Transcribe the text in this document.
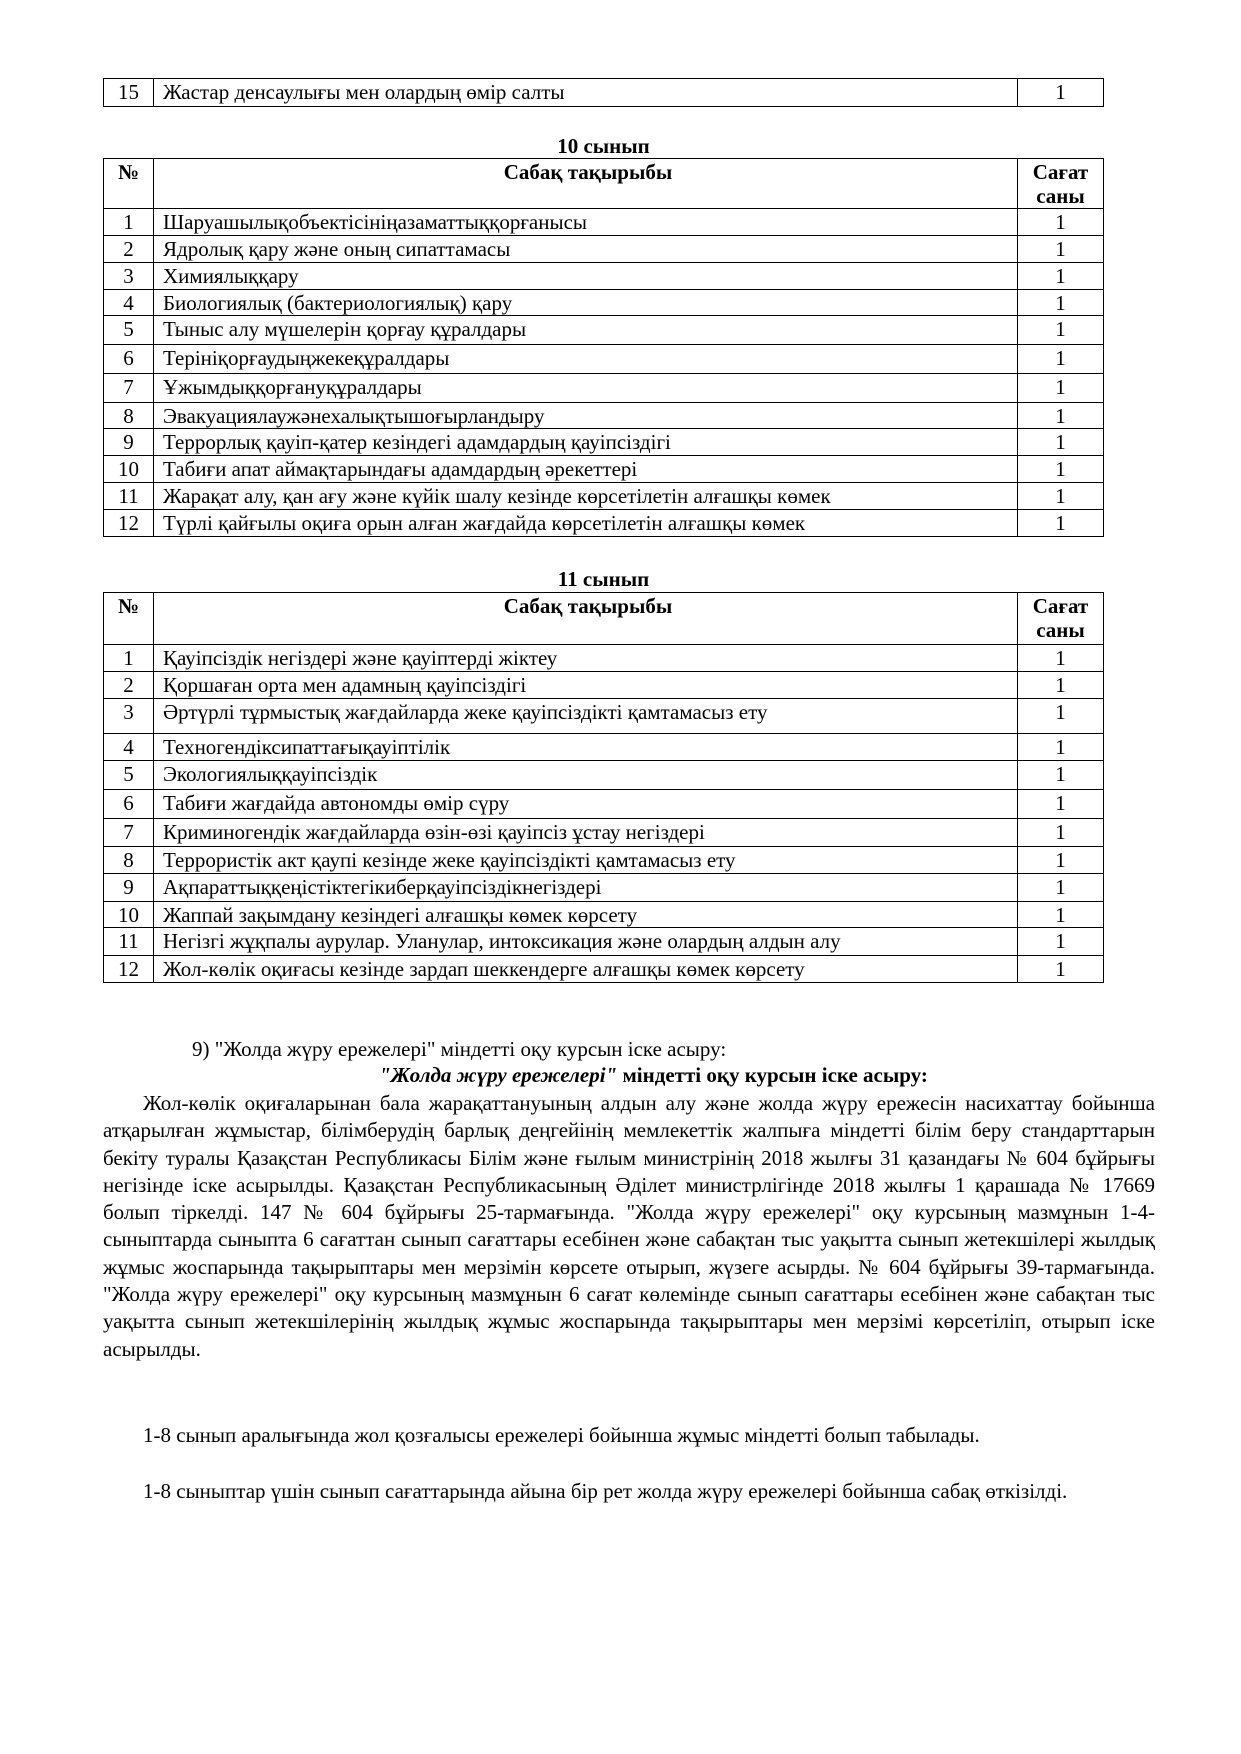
15	Жастар денсаулығы мен олардың өмір салты	1
10 сынып
№	Сабақ тақырыбы	Сағат
саны
1	Шаруашылықобъектісініңазаматтыққорғанысы	1
2	Ядролық қару және оның сипаттамасы	1
3	Химиялыққару	1
4	Биологиялық (бактериологиялық) қару	1
5	Тыныс алу мүшелерін қорғау құралдары	1
6	Терініқорғаудыңжекеқұралдары	1
7	Ұжымдыққорғануқұралдары	1
8	Эвакуациялаужәнехалықтышоғырландыру	1
9	Террорлық қауіп-қатер кезіндегі адамдардың қауіпсіздігі	1
10	Табиғи апат аймақтарындағы адамдардың әрекеттері	1
11	Жарақат алу, қан ағу және күйік шалу кезінде көрсетілетін алғашқы көмек	1
12	Түрлі қайғылы оқиға орын алған жағдайда көрсетілетін алғашқы көмек	1
11 сынып
№	Сабақ тақырыбы	Сағат
саны
1	Қауіпсіздік негіздері және қауіптерді жіктеу	1
2	Қоршаған орта мен адамның қауіпсіздігі	1
3	Әртүрлі тұрмыстық жағдайларда жеке қауіпсіздікті қамтамасыз ету	1
4	Техногендіксипаттағықауіптілік	1
5	Экологиялыққауіпсіздік	1
6	Табиғи жағдайда автономды өмір сүру	1
7	Криминогендік жағдайларда өзін-өзі қауіпсіз ұстау негіздері	1
8	Террористік акт қаупі кезінде жеке қауіпсіздікті қамтамасыз ету	1
9	Ақпараттыққеңістіктегікиберқауіпсіздікнегіздері	1
10	Жаппай зақымдану кезіндегі алғашқы көмек көрсету	1
11	Негізгі жұқпалы аурулар. Уланулар, интоксикация және олардың алдын алу	1
12	Жол-көлік оқиғасы кезінде зардап шеккендерге алғашқы көмек көрсету	1
9) "Жолда жүру ережелері" міндетті оқу курсын іске асыру:
"Жолда жүру ережелері" міндетті оқу курсын іске асыру:
Жол-көлік оқиғаларынан бала жарақаттануының алдын алу және жолда жүру ережесін насихаттау бойынша атқарылған жұмыстар, білімберудің барлық деңгейінің мемлекеттік жалпыға міндетті білім беру стандарттарын бекіту туралы Қазақстан Республикасы Білім және ғылым министрінің 2018 жылғы 31 қазандағы № 604 бұйрығы негізінде іске асырылды. Қазақстан Республикасының Әділет министрлігінде 2018 жылғы 1 қарашада № 17669 болып тіркелді. 147 № 604 бұйрығы 25-тармағында. "Жолда жүру ережелері" оқу курсының мазмұнын 1-4-сыныптарда сыныпта 6 сағаттан сынып сағаттары есебінен және сабақтан тыс уақытта сынып жетекшілері жылдық жұмыс жоспарында тақырыптары мен мерзімін көрсете отырып, жүзеге асырды. № 604 бұйрығы 39-тармағында. "Жолда жүру ережелері" оқу курсының мазмұнын 6 сағат көлемінде сынып сағаттары есебінен және сабақтан тыс уақытта сынып жетекшілерінің жылдық жұмыс жоспарында тақырыптары мен мерзімі көрсетіліп, отырып іске асырылды.
1-8 сынып аралығында жол қозғалысы ережелері бойынша жұмыс міндетті болып табылады.
1-8 сыныптар үшін сынып сағаттарында айына бір рет жолда жүру ережелері бойынша сабақ өткізілді.
